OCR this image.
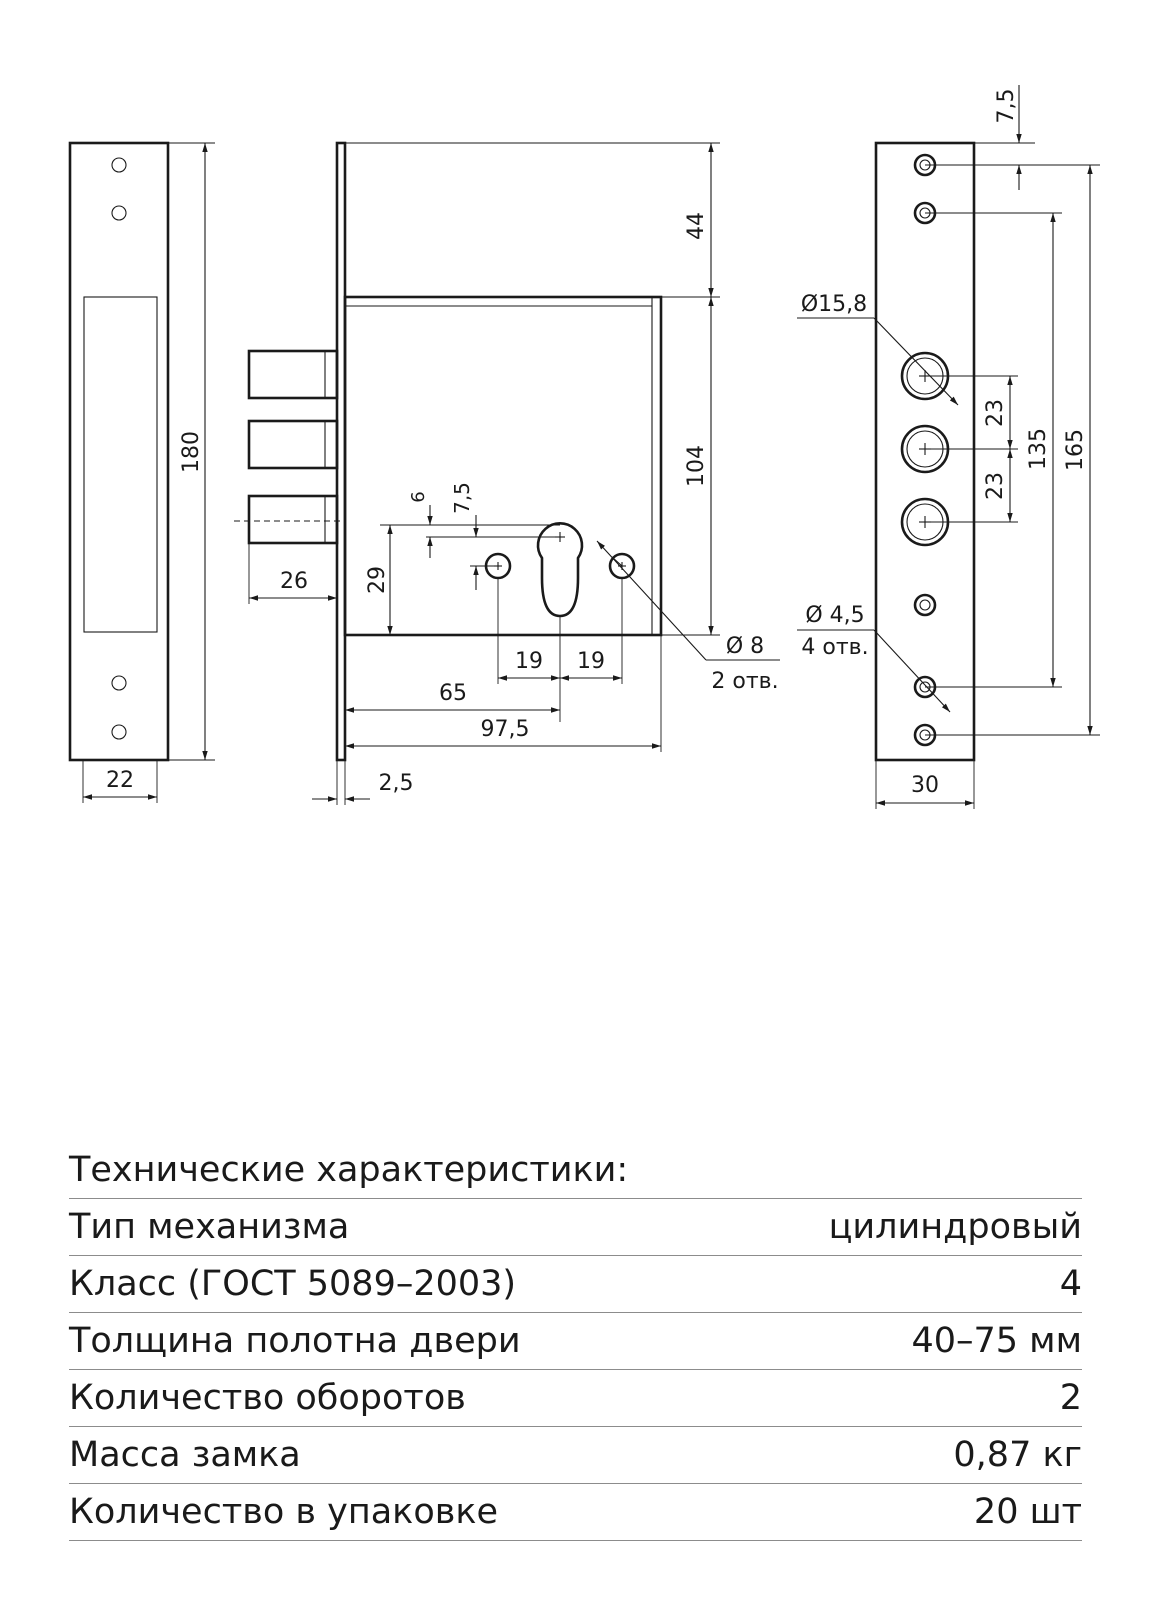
180
22
44
104
26	29
6 7,5
19 19
65
97,5
2,5
Ø 8
2 отв.
7,5
23
23
135 165
Ø15,8
Ø 4,5
4 отв.
30
Технические характеристики:
Тип механизма	цилиндровый
Класс (ГОСТ 5089–2003)	4
Толщина полотна двери	40–75 мм
Количество оборотов	2
Масса замка	0,87 кг
Количество в упаковке	20 шт
